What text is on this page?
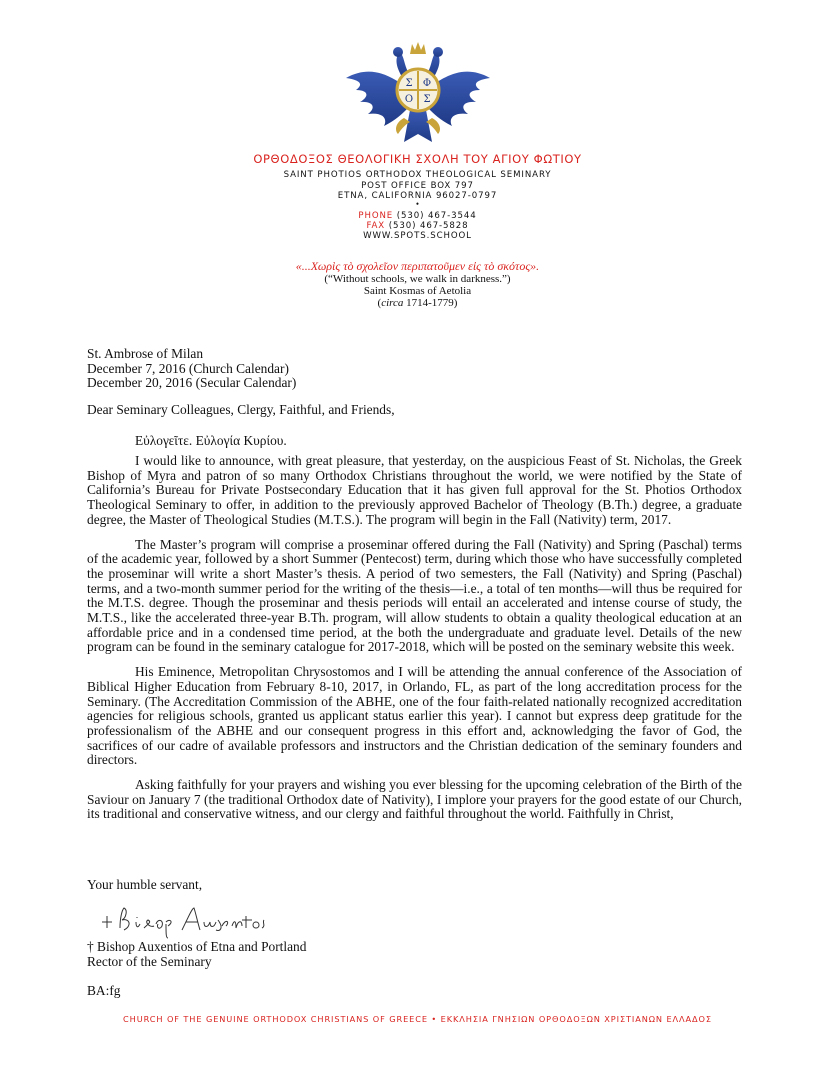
Σ Φ
Ο Σ
ΟΡΘΟΔΟΞΟΣ ΘΕΟΛΟΓΙΚΗ ΣΧΟΛΗ ΤΟΥ ΑΓΙΟΥ ΦΩΤΙΟΥ
SAINT PHOTIOS ORTHODOX THEOLOGICAL SEMINARY
POST OFFICE BOX 797
ETNA, CALIFORNIA 96027-0797
•
PHONE (530) 467-3544
FAX (530) 467-5828
WWW.SPOTS.SCHOOL
«...Χωρὶς τὸ σχολεῖον περιπατοῦμεν εἰς τὸ σκότος».
(“Without schools, we walk in darkness.”)
Saint Kosmas of Aetolia
(circa 1714-1779)
St. Ambrose of Milan
December 7, 2016 (Church Calendar)
December 20, 2016 (Secular Calendar)
Dear Seminary Colleagues, Clergy, Faithful, and Friends,
Εὐλογεῖτε. Εὐλογία Κυρίου.

I would like to announce, with great pleasure, that yesterday, on the auspicious Feast of St. Nicholas, the Greek Bishop of Myra and patron of so many Orthodox Christians throughout the world, we were notified by the State of California’s Bureau for Private Postsecondary Education that it has given full approval for the St. Photios Orthodox Theological Seminary to offer, in addition to the previously approved Bachelor of Theology (B.Th.) degree, a graduate degree, the Master of Theological Studies (M.T.S.). The program will begin in the Fall (Nativity) term, 2017.

The Master’s program will comprise a proseminar offered during the Fall (Nativity) and Spring (Paschal) terms of the academic year, followed by a short Summer (Pentecost) term, during which those who have successfully completed the proseminar will write a short Master’s thesis. A period of two semesters, the Fall (Nativity) and Spring (Paschal) terms, and a two-month summer period for the writing of the thesis—i.e., a total of ten months—will thus be required for the M.T.S. degree. Though the proseminar and thesis periods will entail an accelerated and intense course of study, the M.T.S., like the accelerated three-year B.Th. program, will allow students to obtain a quality theological education at an affordable price and in a condensed time period, at the both the undergraduate and graduate level. Details of the new program can be found in the seminary catalogue for 2017-2018, which will be posted on the seminary website this week.

His Eminence, Metropolitan Chrysostomos and I will be attending the annual conference of the Association of Biblical Higher Education from February 8-10, 2017, in Orlando, FL, as part of the long accreditation process for the Seminary. (The Accreditation Commission of the ABHE, one of the four faith-related nationally recognized accreditation agencies for religious schools, granted us applicant status earlier this year). I cannot but express deep gratitude for the professionalism of the ABHE and our consequent progress in this effort and, acknowledging the favor of God, the sacrifices of our cadre of available professors and instructors and the Christian dedication of the seminary founders and directors.

Asking faithfully for your prayers and wishing you ever blessing for the upcoming celebration of the Birth of the Saviour on January 7 (the traditional Orthodox date of Nativity), I implore your prayers for the good estate of our Church, its traditional and conservative witness, and our clergy and faithful throughout the world. Faithfully in Christ,

Your humble servant,
+ Bishop Auxentios
† Bishop Auxentios of Etna and Portland
Rector of the Seminary
BA:fg
CHURCH OF THE GENUINE ORTHODOX CHRISTIANS OF GREECE • ΕΚΚΛΗΣΙΑ ΓΝΗΣΙΩΝ ΟΡΘΟΔΟΞΩΝ ΧΡΙΣΤΙΑΝΩΝ ΕΛΛΑΔΟΣ
